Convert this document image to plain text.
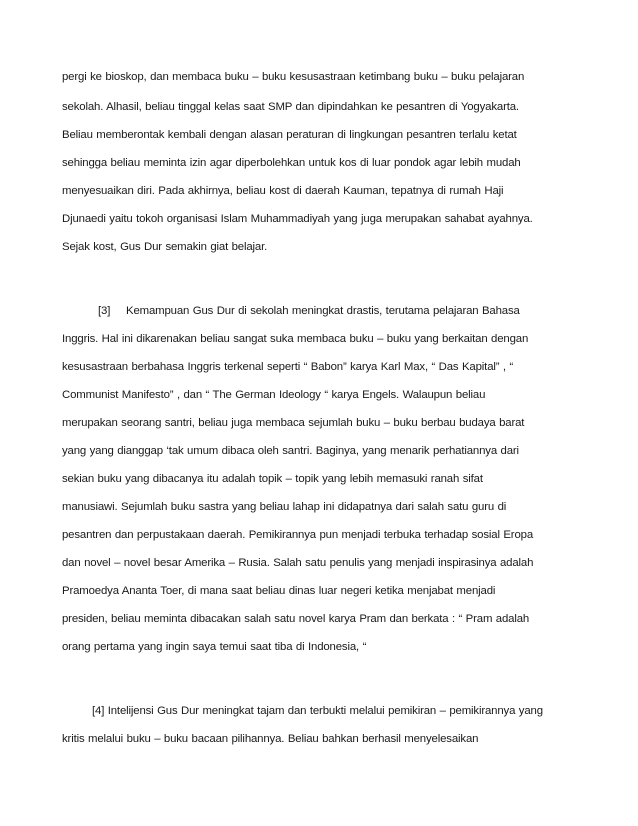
pergi ke bioskop, dan membaca buku – buku kesusastraan ketimbang buku – buku pelajaran
sekolah. Alhasil, beliau tinggal kelas saat SMP dan dipindahkan ke pesantren di Yogyakarta.
Beliau memberontak kembali dengan alasan peraturan di lingkungan pesantren terlalu ketat
sehingga beliau meminta izin agar diperbolehkan untuk kos di luar pondok agar lebih mudah
menyesuaikan diri. Pada akhirnya, beliau kost di daerah Kauman, tepatnya di rumah Haji
Djunaedi yaitu tokoh organisasi Islam Muhammadiyah yang juga merupakan sahabat ayahnya.
Sejak kost, Gus Dur semakin giat belajar.
[3] Kemampuan Gus Dur di sekolah meningkat drastis, terutama pelajaran Bahasa
Inggris. Hal ini dikarenakan beliau sangat suka membaca buku – buku yang berkaitan dengan
kesusastraan berbahasa Inggris terkenal seperti “ Babon” karya Karl Max, “ Das Kapital” , “
Communist Manifesto” , dan “ The German Ideology “ karya Engels. Walaupun beliau
merupakan seorang santri, beliau juga membaca sejumlah buku – buku berbau budaya barat
yang yang dianggap ‘tak umum dibaca oleh santri. Baginya, yang menarik perhatiannya dari
sekian buku yang dibacanya itu adalah topik – topik yang lebih memasuki ranah sifat
manusiawi. Sejumlah buku sastra yang beliau lahap ini didapatnya dari salah satu guru di
pesantren dan perpustakaan daerah. Pemikirannya pun menjadi terbuka terhadap sosial Eropa
dan novel – novel besar Amerika – Rusia. Salah satu penulis yang menjadi inspirasinya adalah
Pramoedya Ananta Toer, di mana saat beliau dinas luar negeri ketika menjabat menjadi
presiden, beliau meminta dibacakan salah satu novel karya Pram dan berkata : “ Pram adalah
orang pertama yang ingin saya temui saat tiba di Indonesia, “
[4] Intelijensi Gus Dur meningkat tajam dan terbukti melalui pemikiran – pemikirannya yang
kritis melalui buku – buku bacaan pilihannya. Beliau bahkan berhasil menyelesaikan
